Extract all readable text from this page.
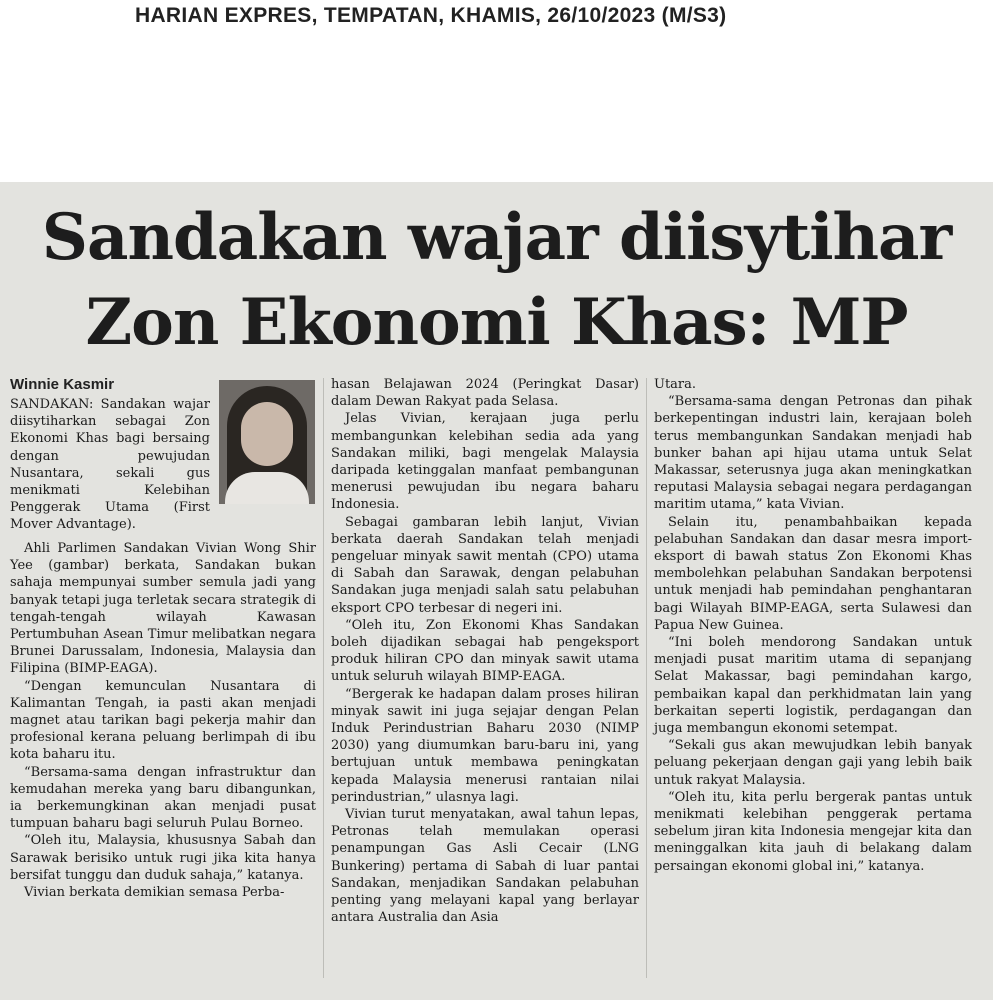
HARIAN EXPRES, TEMPATAN, KHAMIS, 26/10/2023 (M/S3)
Sandakan wajar diisytihar
Zon Ekonomi Khas: MP
Winnie Kasmir

SANDAKAN: Sandakan wajar diisytiharkan sebagai Zon Ekonomi Khas bagi bersaing dengan pewujudan Nusantara, sekali gus menikmati Kelebihan Penggerak Utama (First Mover Advantage).

Ahli Parlimen Sandakan Vivian Wong Shir Yee (gambar) berkata, Sandakan bukan sahaja mempunyai sumber semula jadi yang banyak tetapi juga terletak secara strategik di tengah-tengah wilayah Kawasan Pertumbuhan Asean Timur melibatkan negara Brunei Darussalam, Indonesia, Malaysia dan Filipina (BIMP-EAGA).

“Dengan kemunculan Nusantara di Kalimantan Tengah, ia pasti akan menjadi magnet atau tarikan bagi pekerja mahir dan profesional kerana peluang berlimpah di ibu kota baharu itu.

“Bersama-sama dengan infrastruktur dan kemudahan mereka yang baru dibangunkan, ia berkemungkinan akan menjadi pusat tumpuan baharu bagi seluruh Pulau Borneo.

“Oleh itu, Malaysia, khususnya Sabah dan Sarawak berisiko untuk rugi jika kita hanya bersifat tunggu dan duduk sahaja,” katanya.

Vivian berkata demikian semasa Perba-

hasan Belajawan 2024 (Peringkat Dasar) dalam Dewan Rakyat pada Selasa.

Jelas Vivian, kerajaan juga perlu membangunkan kelebihan sedia ada yang Sandakan miliki, bagi mengelak Malaysia daripada ketinggalan manfaat pembangunan menerusi pewujudan ibu negara baharu Indonesia.

Sebagai gambaran lebih lanjut, Vivian berkata daerah Sandakan telah menjadi pengeluar minyak sawit mentah (CPO) utama di Sabah dan Sarawak, dengan pelabuhan Sandakan juga menjadi salah satu pelabuhan eksport CPO terbesar di negeri ini.

“Oleh itu, Zon Ekonomi Khas Sandakan boleh dijadikan sebagai hab pengeksport produk hiliran CPO dan minyak sawit utama untuk seluruh wilayah BIMP-EAGA.

“Bergerak ke hadapan dalam proses hiliran minyak sawit ini juga sejajar dengan Pelan Induk Perindustrian Baharu 2030 (NIMP 2030) yang diumumkan baru-baru ini, yang bertujuan untuk membawa peningkatan kepada Malaysia menerusi rantaian nilai perindustrian,” ulasnya lagi.

Vivian turut menyatakan, awal tahun lepas, Petronas telah memulakan operasi penampungan Gas Asli Cecair (LNG Bunkering) pertama di Sabah di luar pantai Sandakan, menjadikan Sandakan pelabuhan penting yang melayani kapal yang berlayar antara Australia dan Asia

Utara.

“Bersama-sama dengan Petronas dan pihak berkepentingan industri lain, kerajaan boleh terus membangunkan Sandakan menjadi hab bunker bahan api hijau utama untuk Selat Makassar, seterusnya juga akan meningkatkan reputasi Malaysia sebagai negara perdagangan maritim utama,” kata Vivian.

Selain itu, penambahbaikan kepada pelabuhan Sandakan dan dasar mesra import-eksport di bawah status Zon Ekonomi Khas membolehkan pelabuhan Sandakan berpotensi untuk menjadi hab pemindahan penghantaran bagi Wilayah BIMP-EAGA, serta Sulawesi dan Papua New Guinea.

“Ini boleh mendorong Sandakan untuk menjadi pusat maritim utama di sepanjang Selat Makassar, bagi pemindahan kargo, pembaikan kapal dan perkhidmatan lain yang berkaitan seperti logistik, perdagangan dan juga membangun ekonomi setempat.

“Sekali gus akan mewujudkan lebih banyak peluang pekerjaan dengan gaji yang lebih baik untuk rakyat Malaysia.

“Oleh itu, kita perlu bergerak pantas untuk menikmati kelebihan penggerak pertama sebelum jiran kita Indonesia mengejar kita dan meninggalkan kita jauh di belakang dalam persaingan ekonomi global ini,” katanya.
